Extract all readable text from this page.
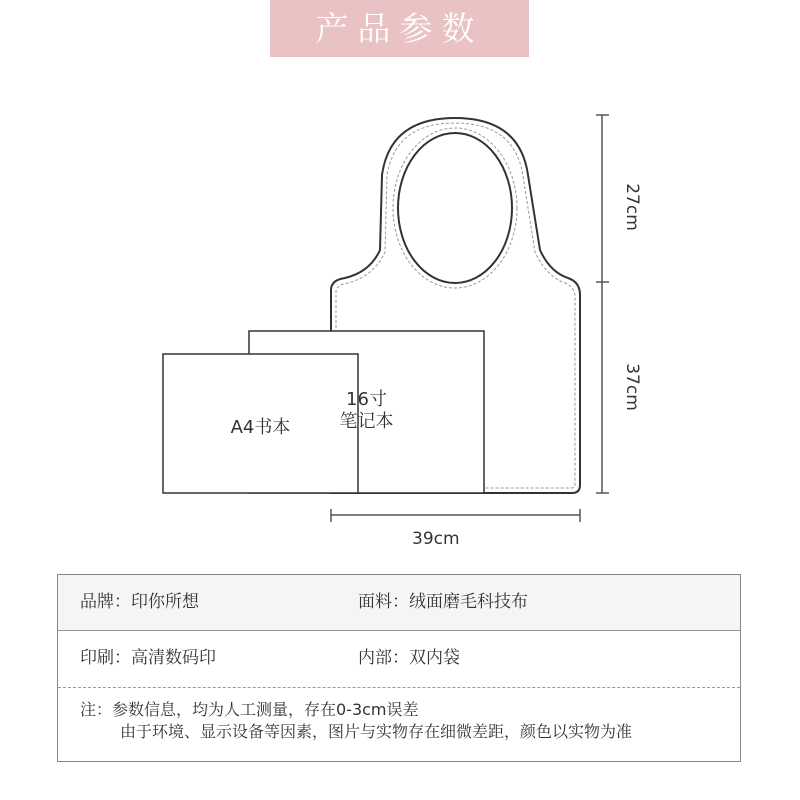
产品参数
27cm
37cm
39cm
A4书本
16寸
笔记本
品牌：印你所想	面料：绒面磨毛科技布
印刷：高清数码印	内部：双内袋
注：参数信息，均为人工测量，存在0-3cm误差
由于环境、显示设备等因素，图片与实物存在细微差距，颜色以实物为准
